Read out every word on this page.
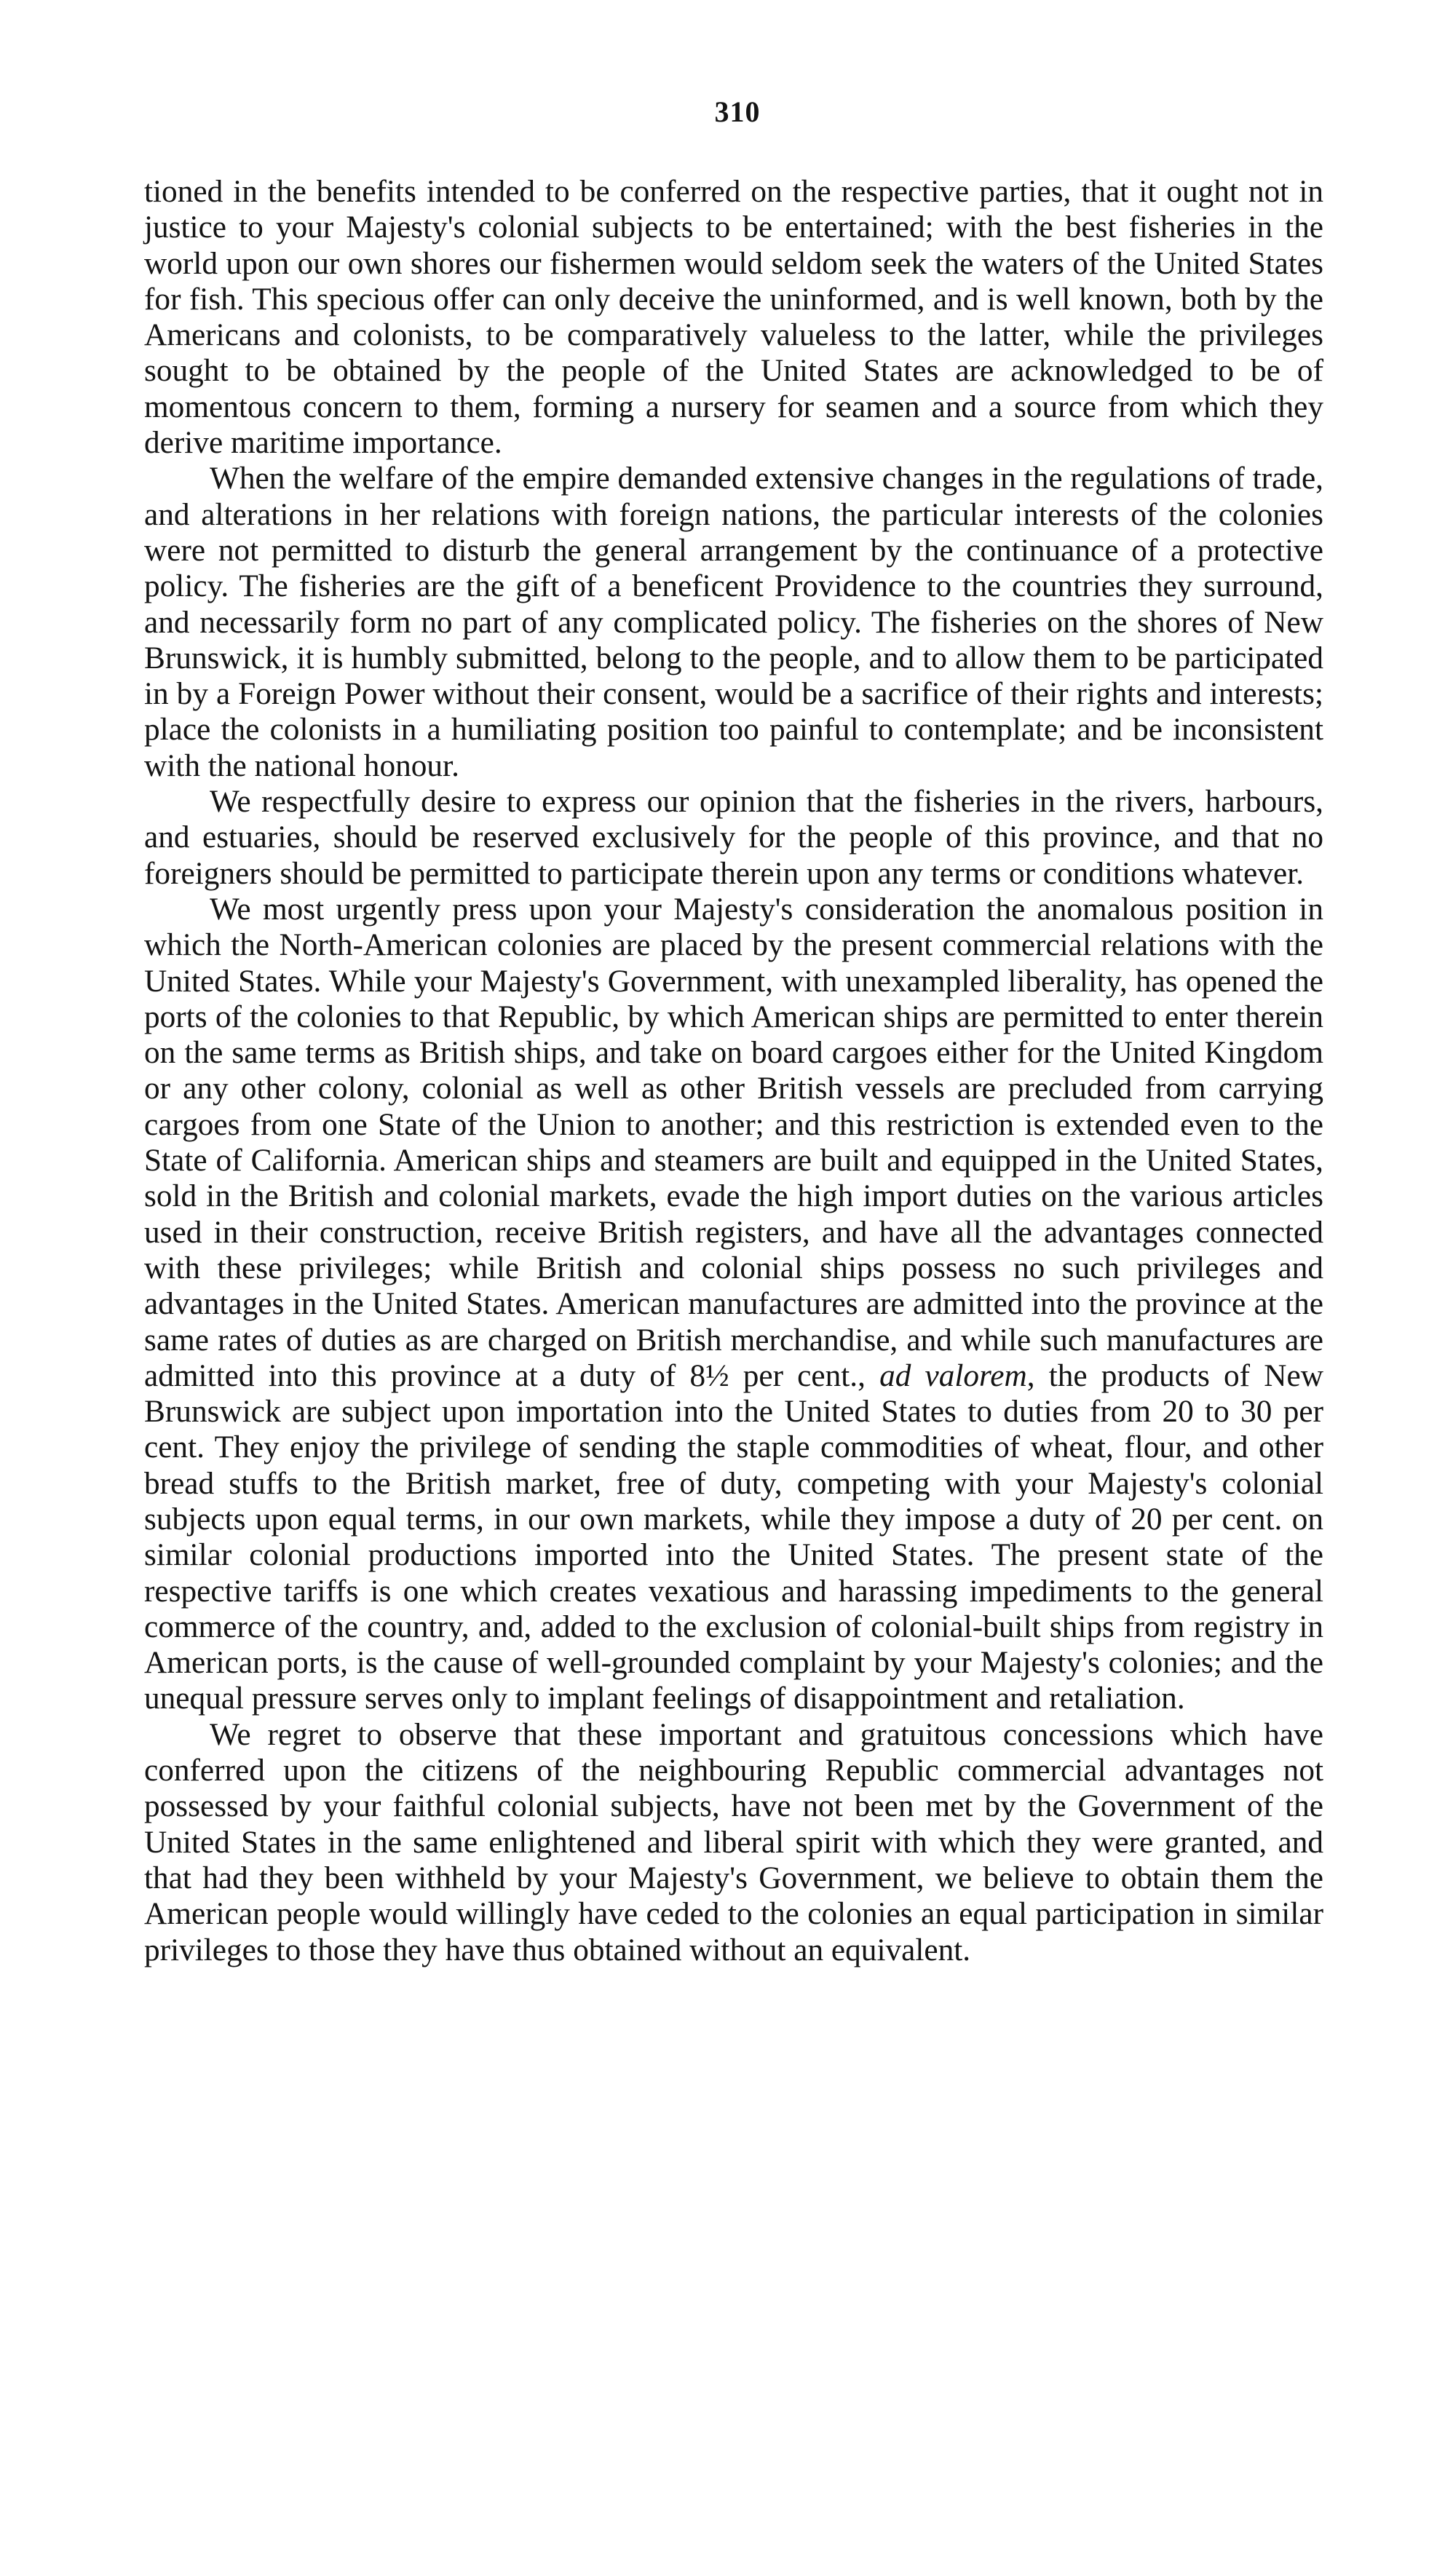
310

tioned in the benefits intended to be conferred on the respective parties, that it ought not in justice to your Majesty's colonial subjects to be entertained; with the best fisheries in the world upon our own shores our fishermen would seldom seek the waters of the United States for fish. This specious offer can only deceive the uninformed, and is well known, both by the Americans and colonists, to be comparatively valueless to the latter, while the privileges sought to be obtained by the people of the United States are acknowledged to be of momentous concern to them, forming a nursery for seamen and a source from which they derive maritime importance.

When the welfare of the empire demanded extensive changes in the regulations of trade, and alterations in her relations with foreign nations, the particular interests of the colonies were not permitted to disturb the general arrangement by the continuance of a protective policy. The fisheries are the gift of a beneficent Providence to the countries they surround, and necessarily form no part of any complicated policy. The fisheries on the shores of New Brunswick, it is humbly submitted, belong to the people, and to allow them to be participated in by a Foreign Power without their consent, would be a sacrifice of their rights and interests; place the colonists in a humiliating position too painful to contemplate; and be inconsistent with the national honour.

We respectfully desire to express our opinion that the fisheries in the rivers, harbours, and estuaries, should be reserved exclusively for the people of this province, and that no foreigners should be permitted to participate therein upon any terms or conditions whatever.

We most urgently press upon your Majesty's consideration the anomalous position in which the North-American colonies are placed by the present commercial relations with the United States. While your Majesty's Government, with unexampled liberality, has opened the ports of the colonies to that Republic, by which American ships are permitted to enter therein on the same terms as British ships, and take on board cargoes either for the United Kingdom or any other colony, colonial as well as other British vessels are precluded from carrying cargoes from one State of the Union to another; and this restriction is extended even to the State of California. American ships and steamers are built and equipped in the United States, sold in the British and colonial markets, evade the high import duties on the various articles used in their construction, receive British registers, and have all the advantages connected with these privileges; while British and colonial ships possess no such privileges and advantages in the United States. American manufactures are admitted into the province at the same rates of duties as are charged on British merchandise, and while such manufactures are admitted into this province at a duty of 8½ per cent., ad valorem, the products of New Brunswick are subject upon importation into the United States to duties from 20 to 30 per cent. They enjoy the privilege of sending the staple commodities of wheat, flour, and other bread stuffs to the British market, free of duty, competing with your Majesty's colonial subjects upon equal terms, in our own markets, while they impose a duty of 20 per cent. on similar colonial productions imported into the United States. The present state of the respective tariffs is one which creates vexatious and harassing impediments to the general commerce of the country, and, added to the exclusion of colonial-built ships from registry in American ports, is the cause of well-grounded complaint by your Majesty's colonies; and the unequal pressure serves only to implant feelings of disappointment and retaliation.

We regret to observe that these important and gratuitous concessions which have conferred upon the citizens of the neighbouring Republic commercial advantages not possessed by your faithful colonial subjects, have not been met by the Government of the United States in the same enlightened and liberal spirit with which they were granted, and that had they been withheld by your Majesty's Government, we believe to obtain them the American people would willingly have ceded to the colonies an equal participation in similar privileges to those they have thus obtained without an equivalent.
